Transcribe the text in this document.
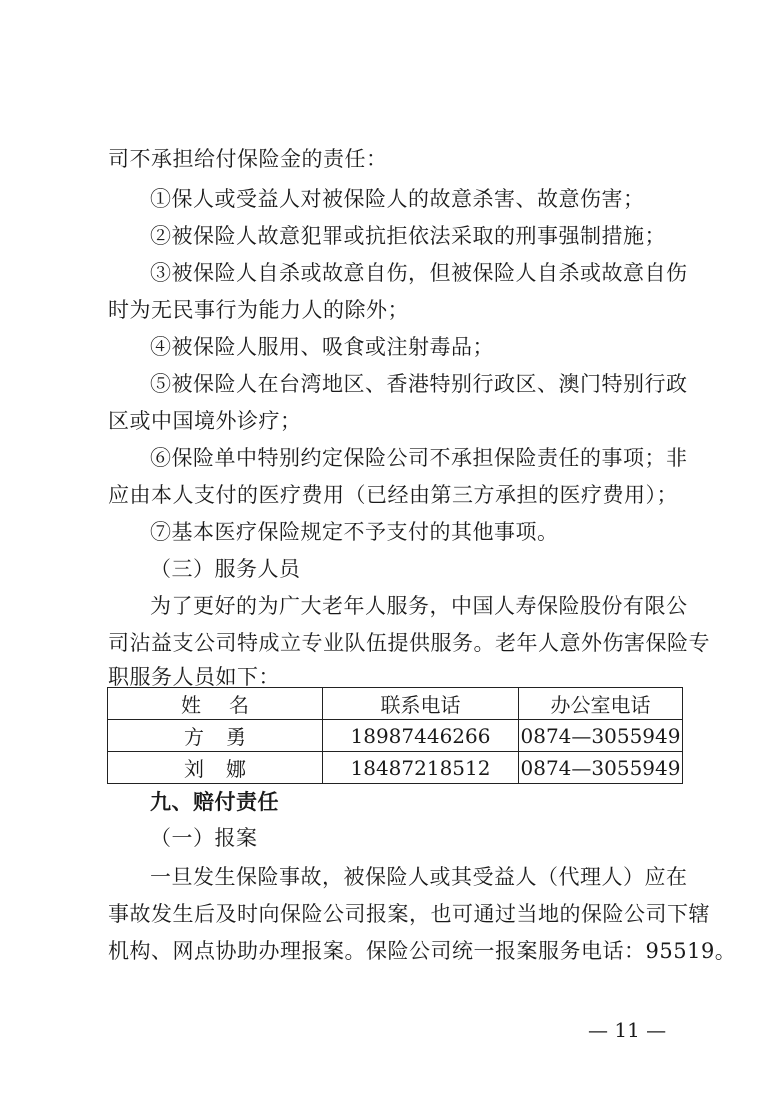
司不承担给付保险金的责任：
①保人或受益人对被保险人的故意杀害、故意伤害；
②被保险人故意犯罪或抗拒依法采取的刑事强制措施；
③被保险人自杀或故意自伤，但被保险人自杀或故意自伤
时为无民事行为能力人的除外；
④被保险人服用、吸食或注射毒品；
⑤被保险人在台湾地区、香港特别行政区、澳门特别行政
区或中国境外诊疗；
⑥保险单中特别约定保险公司不承担保险责任的事项；非
应由本人支付的医疗费用（已经由第三方承担的医疗费用）；
⑦基本医疗保险规定不予支付的其他事项。
（三）服务人员
为了更好的为广大老年人服务，中国人寿保险股份有限公
司沾益支公司特成立专业队伍提供服务。老年人意外伤害保险专
职服务人员如下：
姓名	联系电话	办公室电话
方勇	18987446266	0874—3055949
刘娜	18487218512	0874—3055949
九、赔付责任
（一）报案
一旦发生保险事故，被保险人或其受益人（代理人）应在
事故发生后及时向保险公司报案，也可通过当地的保险公司下辖
机构、网点协助办理报案。保险公司统一报案服务电话：95519。
— 11 —
